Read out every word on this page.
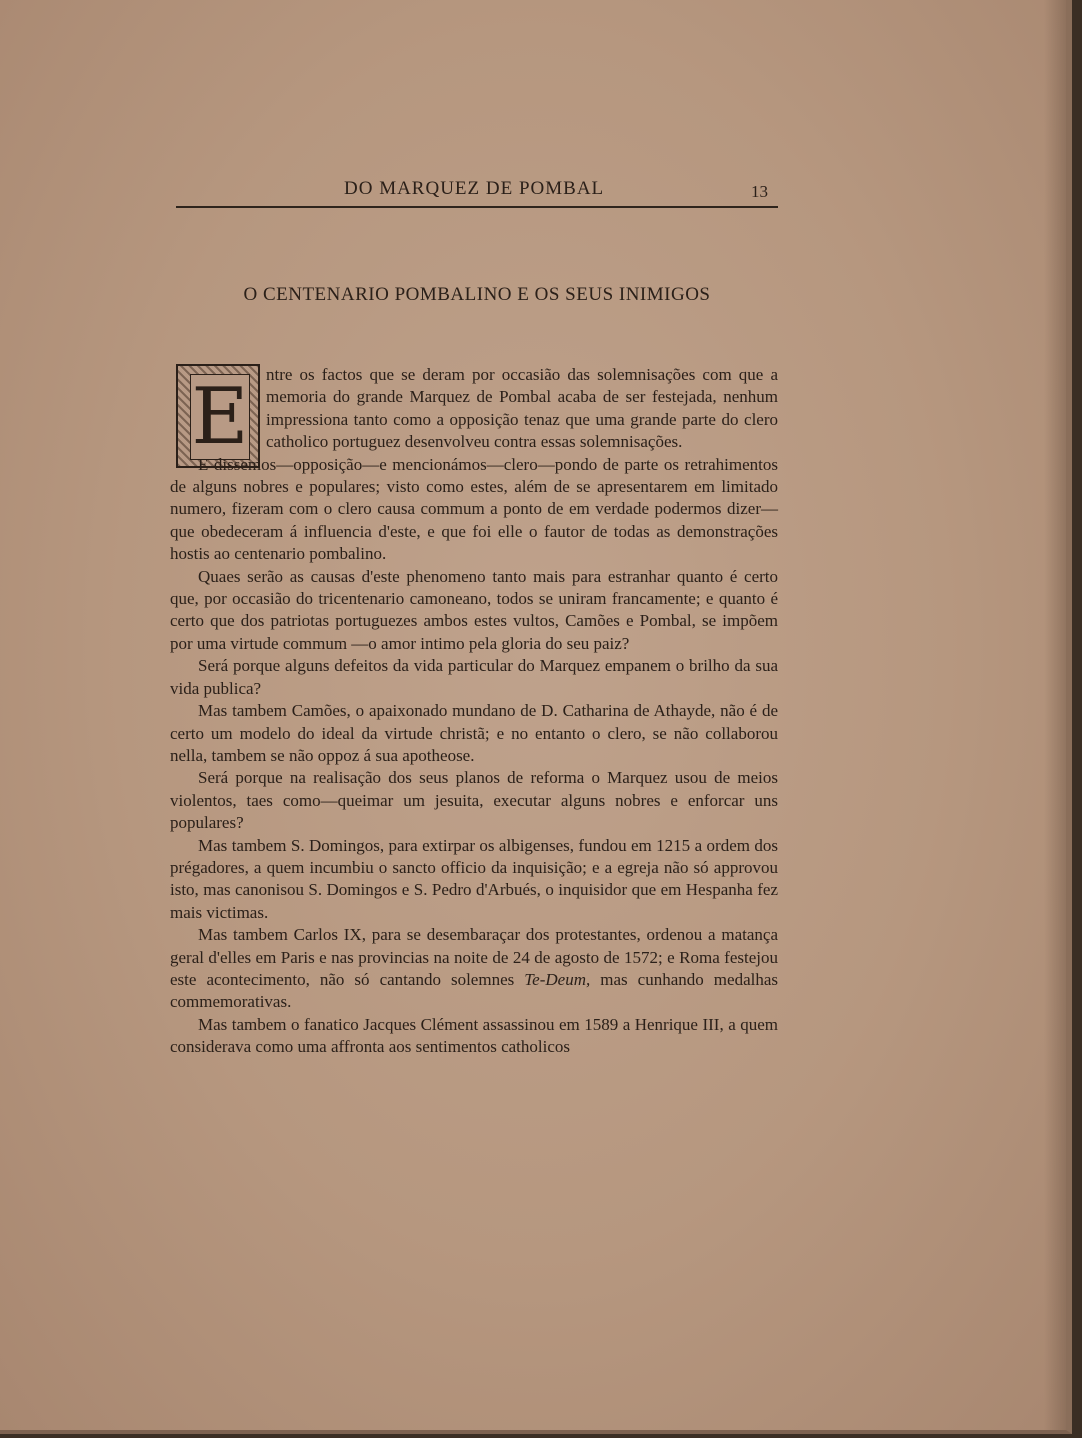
DO MARQUEZ DE POMBAL	13
O CENTENARIO POMBALINO E OS SEUS INIMIGOS
E	ntre os factos que se deram por occasião das solemnisações com que a memoria do grande Marquez de Pombal acaba de ser festejada, nenhum impressiona tanto como a opposição tenaz que uma grande parte do clero catholico portuguez desenvolveu contra essas solemnisações.

E dissemos—opposição—e mencionámos—clero—pondo de parte os retrahimentos de alguns nobres e populares; visto como estes, além de se apresentarem em limitado numero, fizeram com o clero causa commum a ponto de em verdade podermos dizer—que obedeceram á influencia d'este, e que foi elle o fautor de todas as demonstrações hostis ao centenario pombalino.

Quaes serão as causas d'este phenomeno tanto mais para estranhar quanto é certo que, por occasião do tricentenario camoneano, todos se uniram francamente; e quanto é certo que dos patriotas portuguezes ambos estes vultos, Camões e Pombal, se impõem por uma virtude commum —o amor intimo pela gloria do seu paiz?

Será porque alguns defeitos da vida particular do Marquez empanem o brilho da sua vida publica?

Mas tambem Camões, o apaixonado mundano de D. Catharina de Athayde, não é de certo um modelo do ideal da virtude christã; e no entanto o clero, se não collaborou nella, tambem se não oppoz á sua apotheose.

Será porque na realisação dos seus planos de reforma o Marquez usou de meios violentos, taes como—queimar um jesuita, executar alguns nobres e enforcar uns populares?

Mas tambem S. Domingos, para extirpar os albigenses, fundou em 1215 a ordem dos prégadores, a quem incumbiu o sancto officio da inquisição; e a egreja não só approvou isto, mas canonisou S. Domingos e S. Pedro d'Arbués, o inquisidor que em Hespanha fez mais victimas.

Mas tambem Carlos IX, para se desembaraçar dos protestantes, ordenou a matança geral d'elles em Paris e nas provincias na noite de 24 de agosto de 1572; e Roma festejou este acontecimento, não só cantando solemnes Te-Deum, mas cunhando medalhas commemorativas.

Mas tambem o fanatico Jacques Clément assassinou em 1589 a Henrique III, a quem considerava como uma affronta aos sentimentos catholicos
